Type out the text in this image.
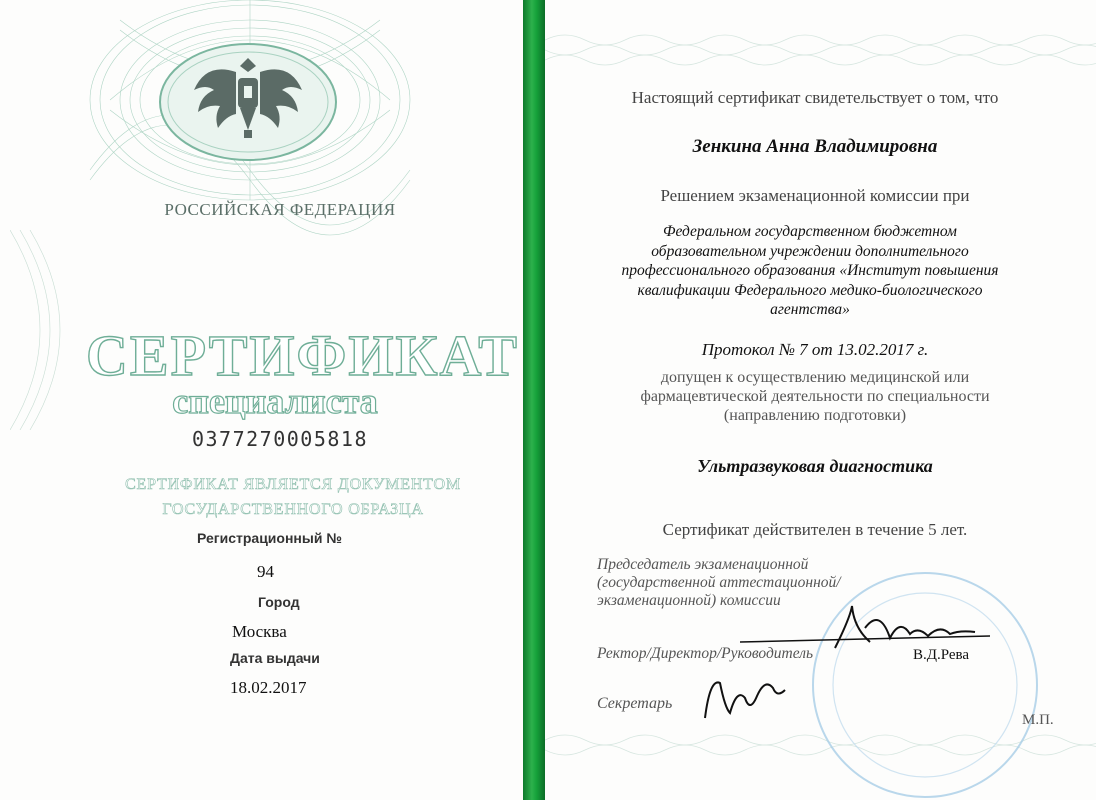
РОССИЙСКАЯ ФЕДЕРАЦИЯ
СЕРТИФИКАТ
специалиста
0377270005818
СЕРТИФИКАТ ЯВЛЯЕТСЯ ДОКУМЕНТОМ
ГОСУДАРСТВЕННОГО ОБРАЗЦА
Регистрационный №
94
Город
Москва
Дата выдачи
18.02.2017
Настоящий сертификат свидетельствует о том, что
Зенкина Анна Владимировна
Решением экзаменационной комиссии при
Федеральном государственном бюджетном
образовательном учреждении дополнительного
профессионального образования «Институт повышения
квалификации Федерального медико-биологического
агентства»
Протокол № 7 от 13.02.2017 г.
допущен к осуществлению медицинской или
фармацевтической деятельности по специальности
(направлению подготовки)
Ультразвуковая диагностика
Сертификат действителен в течение 5 лет.
Председатель экзаменационной
(государственной аттестационной/
экзаменационной) комиссии
Ректор/Директор/Руководитель	В.Д.Рева
Секретарь
М.П.
